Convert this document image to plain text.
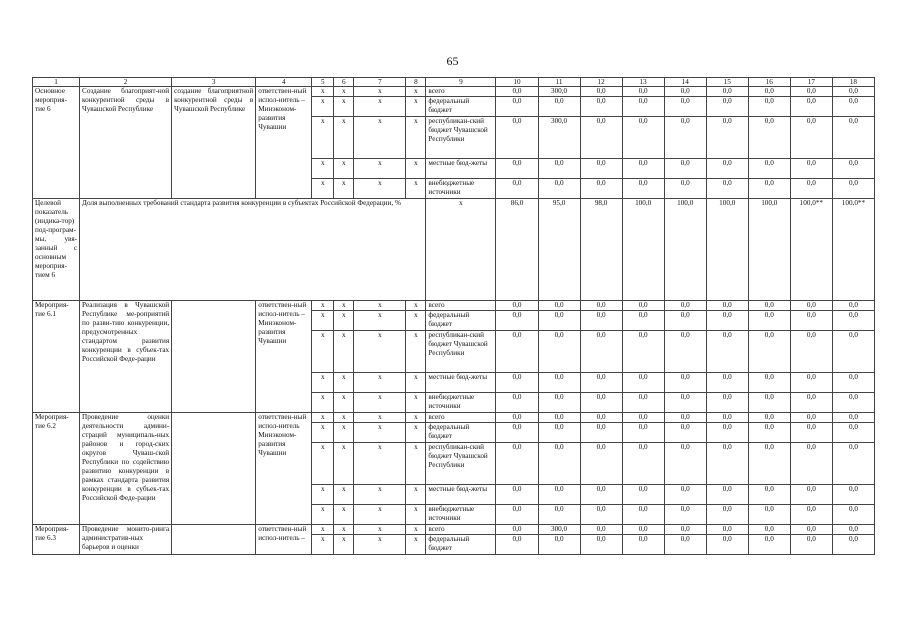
65
1	2	3	4	5	6	7	8	9	10	11	12	13	14	15	16	17	18
Основное мероприя-тие 6	Создание благоприят-ной конкурентной среды в Чувашской Республике	создание благоприятной конкурентной среды в Чувашской Республике	ответствен-ный испол-нитель – Минэконом-развития Чувашии	x	x	x	x	всего	0,0	300,0	0,0	0,0	0,0	0,0	0,0	0,0	0,0
				x	x	x	x	федеральный бюджет	0,0	0,0	0,0	0,0	0,0	0,0	0,0	0,0	0,0
				x	x	x	x	республикан-ский бюджет Чувашской Республики	0,0	300,0	0,0	0,0	0,0	0,0	0,0	0,0	0,0
				x	x	x	x	местные бюд-жеты	0,0	0,0	0,0	0,0	0,0	0,0	0,0	0,0	0,0
				x	x	x	x	внебюджетные источники	0,0	0,0	0,0	0,0	0,0	0,0	0,0	0,0	0,0
Целевой показатель (индика-тор) под-програм-мы, увя-занный с основным мероприя-тием 6	Доля выполненных требований стандарта развития конкуренции в субъектах Российской Федерации, %							x	86,0	95,0	98,0	100,0	100,0	100,0	100,0	100,0**	100,0**
Мероприя-тие 6.1	Реализация в Чувашской Республике ме-роприятий по разви-тию конкуренции, предусмотренных стандартом развития конкуренции в субъек-тах Российской Феде-рации		ответствен-ный испол-нитель – Минэконом-развития Чувашии	x	x	x	x	всего	0,0	0,0	0,0	0,0	0,0	0,0	0,0	0,0	0,0
				x	x	x	x	федеральный бюджет	0,0	0,0	0,0	0,0	0,0	0,0	0,0	0,0	0,0
				x	x	x	x	республикан-ский бюджет Чувашской Республики	0,0	0,0	0,0	0,0	0,0	0,0	0,0	0,0	0,0
				x	x	x	x	местные бюд-жеты	0,0	0,0	0,0	0,0	0,0	0,0	0,0	0,0	0,0
				x	x	x	x	внебюджетные источники	0,0	0,0	0,0	0,0	0,0	0,0	0,0	0,0	0,0
Мероприя-тие 6.2	Проведение оценки деятельности админи-страций муниципаль-ных районов и город-ских округов Чуваш-ской Республики по содействию развитию конкуренции в рамках стандарта развития конкуренции в субъек-тах Российской Феде-рации		ответствен-ный испол-нитель Минэконом-развития Чувашии	x	x	x	x	всего	0,0	0,0	0,0	0,0	0,0	0,0	0,0	0,0	0,0
				x	x	x	x	федеральный бюджет	0,0	0,0	0,0	0,0	0,0	0,0	0,0	0,0	0,0
				x	x	x	x	республикан-ский бюджет Чувашской Республики	0,0	0,0	0,0	0,0	0,0	0,0	0,0	0,0	0,0
				x	x	x	x	местные бюд-жеты	0,0	0,0	0,0	0,0	0,0	0,0	0,0	0,0	0,0
				x	x	x	x	внебюджетные источники	0,0	0,0	0,0	0,0	0,0	0,0	0,0	0,0	0,0
Мероприя-тие 6.3	Проведение монито-ринга административ-ных барьеров и оценки		ответствен-ный испол-нитель –	x	x	x	x	всего	0,0	300,0	0,0	0,0	0,0	0,0	0,0	0,0	0,0
				x	x	x	x	федеральный бюджет	0,0	0,0	0,0	0,0	0,0	0,0	0,0	0,0	0,0
